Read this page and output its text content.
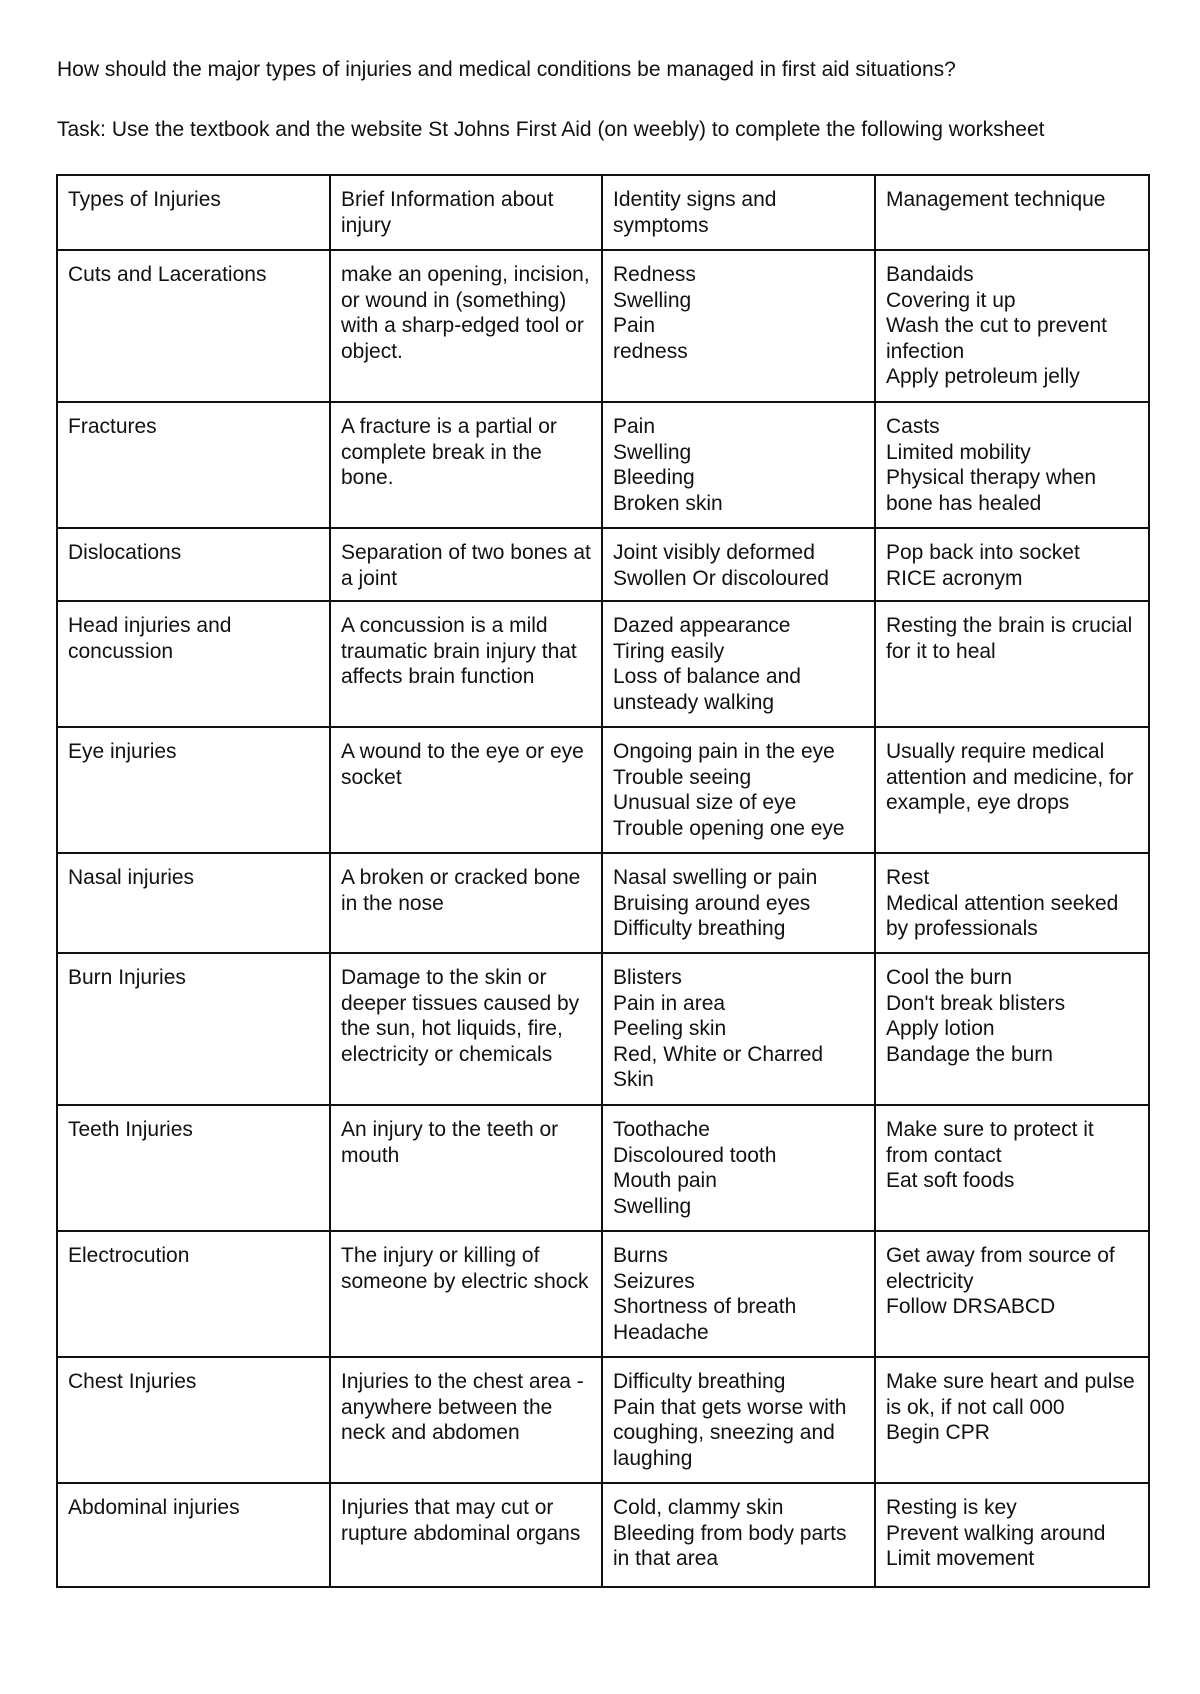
How should the major types of injuries and medical conditions be managed in first aid situations?
Task: Use the textbook and the website St Johns First Aid (on weebly) to complete the following worksheet
Types of Injuries	Brief Information about injury	Identity signs and symptoms	Management technique
Cuts and Lacerations	make an opening, incision, or wound in (something) with a sharp-edged tool or object.	Redness
Swelling
Pain
redness	Bandaids
Covering it up
Wash the cut to prevent infection
Apply petroleum jelly

Fractures	A fracture is a partial or complete break in the bone.	Pain
Swelling
Bleeding
Broken skin	Casts
Limited mobility
Physical therapy when bone has healed

Dislocations	Separation of two bones at a joint	Joint visibly deformed
Swollen Or discoloured	Pop back into socket
RICE acronym

Head injuries and concussion	A concussion is a mild traumatic brain injury that affects brain function	Dazed appearance
Tiring easily
Loss of balance and unsteady walking	Resting the brain is crucial for it to heal

Eye injuries	A wound to the eye or eye socket	Ongoing pain in the eye
Trouble seeing
Unusual size of eye
Trouble opening one eye	Usually require medical attention and medicine, for example, eye drops

Nasal injuries	A broken or cracked bone in the nose	Nasal swelling or pain
Bruising around eyes
Difficulty breathing	Rest
Medical attention seeked by professionals

Burn Injuries	Damage to the skin or deeper tissues caused by the sun, hot liquids, fire, electricity or chemicals	Blisters
Pain in area
Peeling skin
Red, White or Charred Skin	Cool the burn
Don't break blisters
Apply lotion
Bandage the burn

Teeth Injuries	An injury to the teeth or mouth	Toothache
Discoloured tooth
Mouth pain
Swelling	Make sure to protect it from contact
Eat soft foods

Electrocution	The injury or killing of someone by electric shock	Burns
Seizures
Shortness of breath
Headache	Get away from source of electricity
Follow DRSABCD

Chest Injuries	Injuries to the chest area - anywhere between the neck and abdomen	Difficulty breathing
Pain that gets worse with coughing, sneezing and laughing	Make sure heart and pulse is ok, if not call 000
Begin CPR

Abdominal injuries	Injuries that may cut or rupture abdominal organs	Cold, clammy skin
Bleeding from body parts in that area	Resting is key
Prevent walking around
Limit movement
